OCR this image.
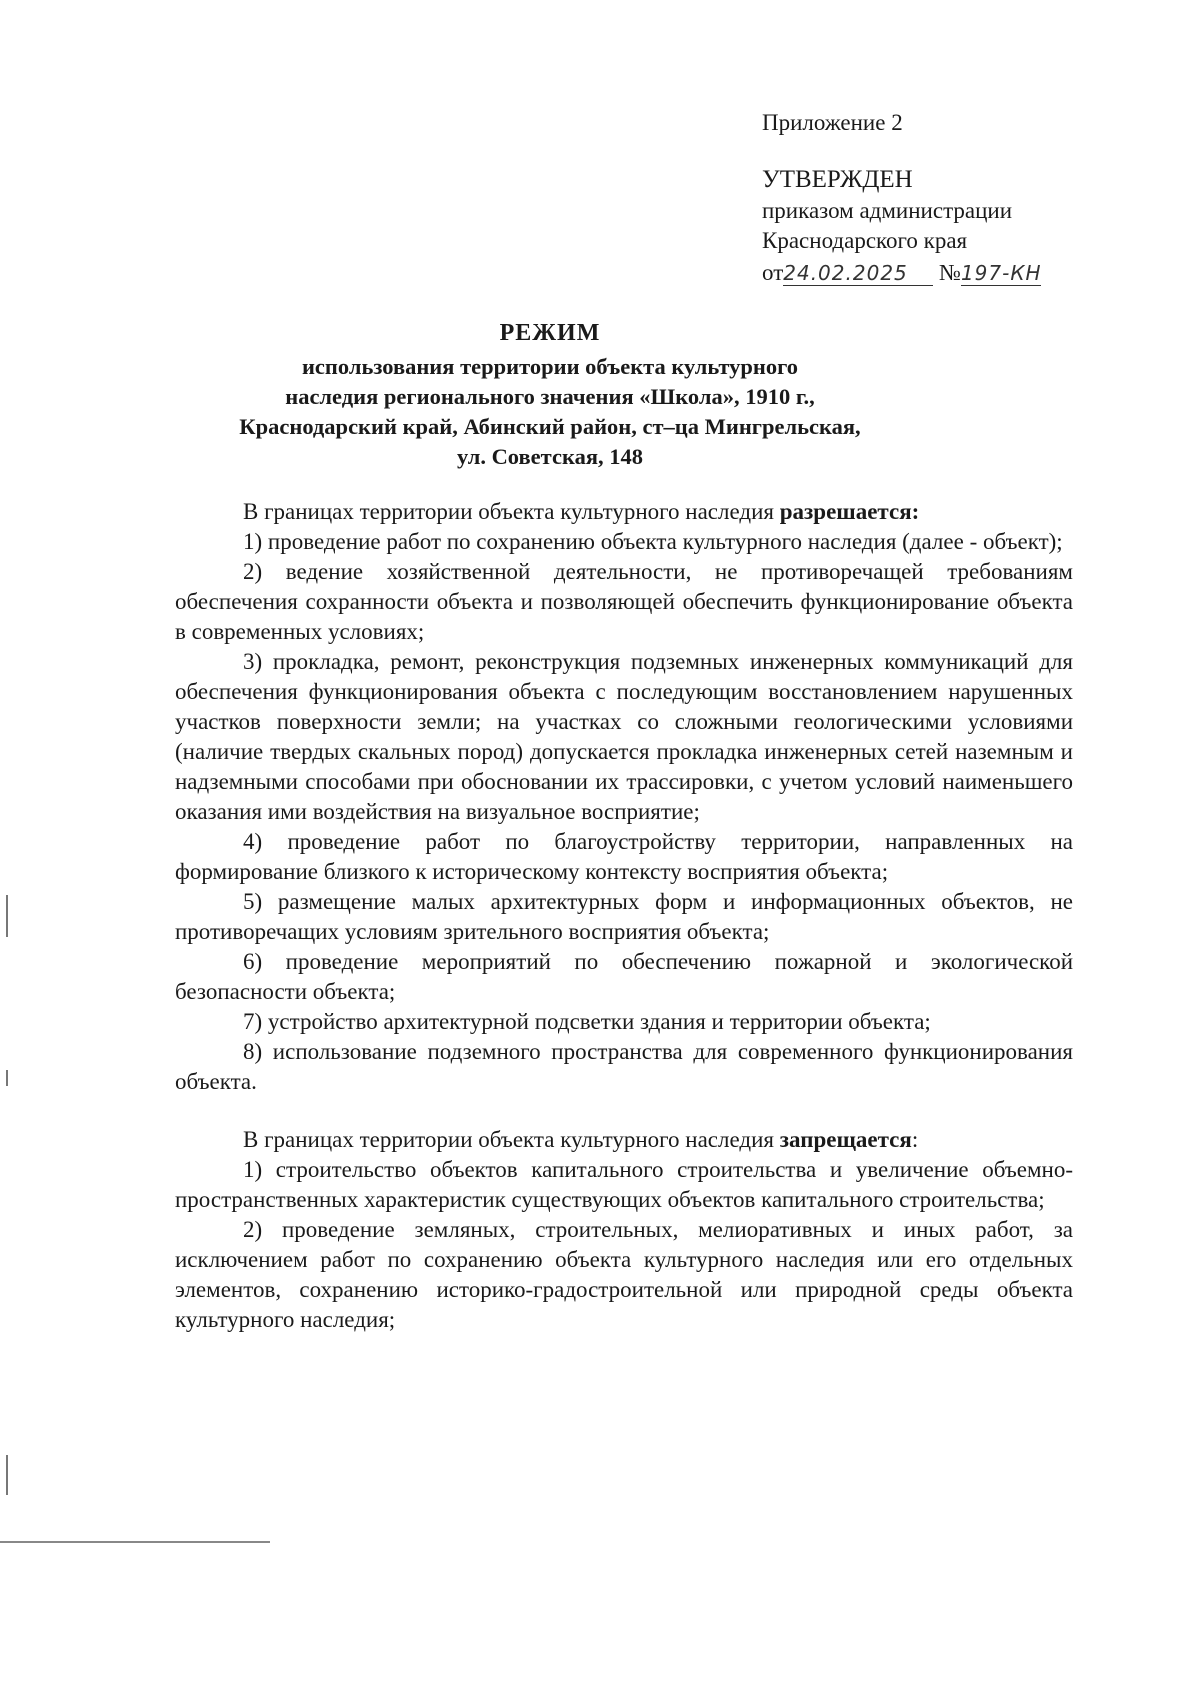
Приложение 2
УТВЕРЖДЕН
приказом администрации
Краснодарского края
от24.02.2025 №197-КН
РЕЖИМ
использования территории объекта культурного
наследия регионального значения «Школа», 1910 г.,
Краснодарский край, Абинский район, ст–ца Мингрельская,
ул. Советская, 148

В границах территории объекта культурного наследия разрешается:

1) проведение работ по сохранению объекта культурного наследия (далее - объект);

2) ведение хозяйственной деятельности, не противоречащей требованиям обеспечения сохранности объекта и позволяющей обеспечить функционирование объекта в современных условиях;

3) прокладка, ремонт, реконструкция подземных инженерных коммуникаций для обеспечения функционирования объекта с последующим восстановлением нарушенных участков поверхности земли; на участках со сложными геологическими условиями (наличие твердых скальных пород) допускается прокладка инженерных сетей наземным и надземными способами при обосновании их трассировки, с учетом условий наименьшего оказания ими воздействия на визуальное восприятие;

4) проведение работ по благоустройству территории, направленных на формирование близкого к историческому контексту восприятия объекта;

5) размещение малых архитектурных форм и информационных объектов, не противоречащих условиям зрительного восприятия объекта;

6) проведение мероприятий по обеспечению пожарной и экологической безопасности объекта;

7) устройство архитектурной подсветки здания и территории объекта;

8) использование подземного пространства для современного функционирования объекта.

В границах территории объекта культурного наследия запрещается:

1) строительство объектов капитального строительства и увеличение объемно-пространственных характеристик существующих объектов капитального строительства;

2) проведение земляных, строительных, мелиоративных и иных работ, за исключением работ по сохранению объекта культурного наследия или его отдельных элементов, сохранению историко-градостроительной или природной среды объекта культурного наследия;
